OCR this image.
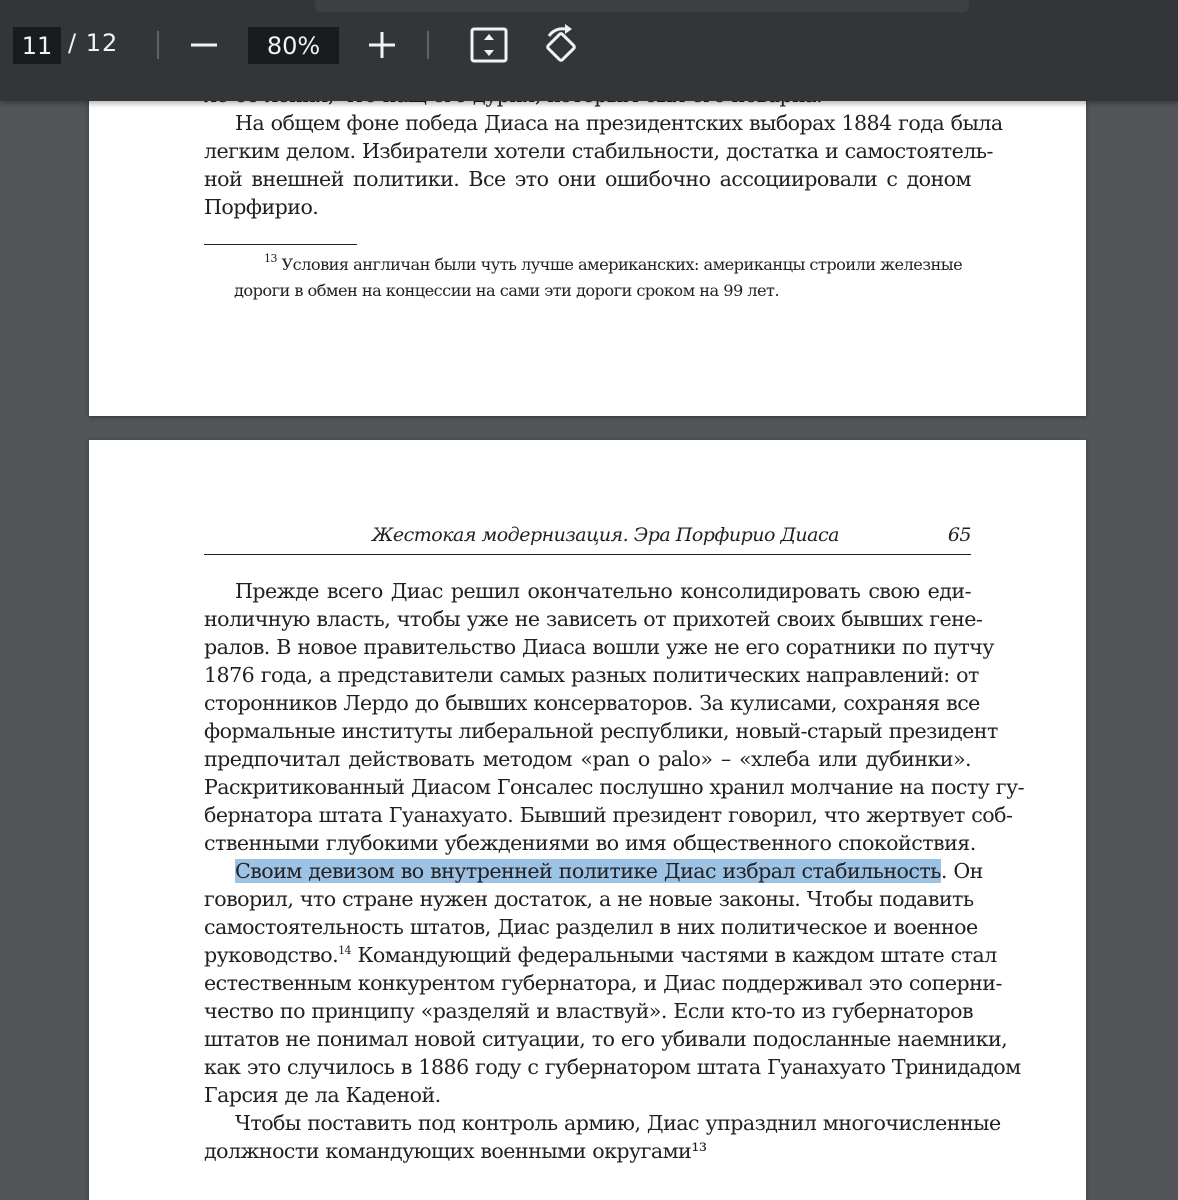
На общем фоне победа Диаса на президентских выборах 1884 года была
легким делом. Избиратели хотели стабильности, достатка и самостоятель-
ной внешней политики. Все это они ошибочно ассоциировали с доном
Порфирио.
$^{13}$ Условия англичан были чуть лучше американских: американцы строили железные
дороги в обмен на концессии на сами эти дороги сроком на 99 лет.
Жестокая модернизация. Эра Порфирио Диаса	65
Прежде всего Диас решил окончательно консолидировать свою еди-
ноличную власть, чтобы уже не зависеть от прихотей своих бывших гене-
ралов. В новое правительство Диаса вошли уже не его соратники по путчу
1876 года, а представители самых разных политических направлений: от
сторонников Лердо до бывших консерваторов. За кулисами, сохраняя все
формальные институты либеральной республики, новый-старый президент
предпочитал действовать методом «pan o palo» – «хлеба или дубинки».
Раскритикованный Диасом Гонсалес послушно хранил молчание на посту гу-
бернатора штата Гуанахуато. Бывший президент говорил, что жертвует соб-
ственными глубокими убеждениями во имя общественного спокойствия.
Своим девизом во внутренней политике Диас избрал стабильность. Он
говорил, что стране нужен достаток, а не новые законы. Чтобы подавить
самостоятельность штатов, Диас разделил в них политическое и военное
руководство.$^{14}$ Командующий федеральными частями в каждом штате стал
естественным конкурентом губернатора, и Диас поддерживал это соперни-
чество по принципу «разделяй и властвуй». Если кто-то из губернаторов
штатов не понимал новой ситуации, то его убивали подосланные наемники,
как это случилось в 1886 году с губернатором штата Гуанахуато Тринидадом
Гарсия де ла Каденой.
Чтобы поставить под контроль армию, Диас упразднил многочисленные
должности командующих военными округами¹³
11
/ 12
80%
